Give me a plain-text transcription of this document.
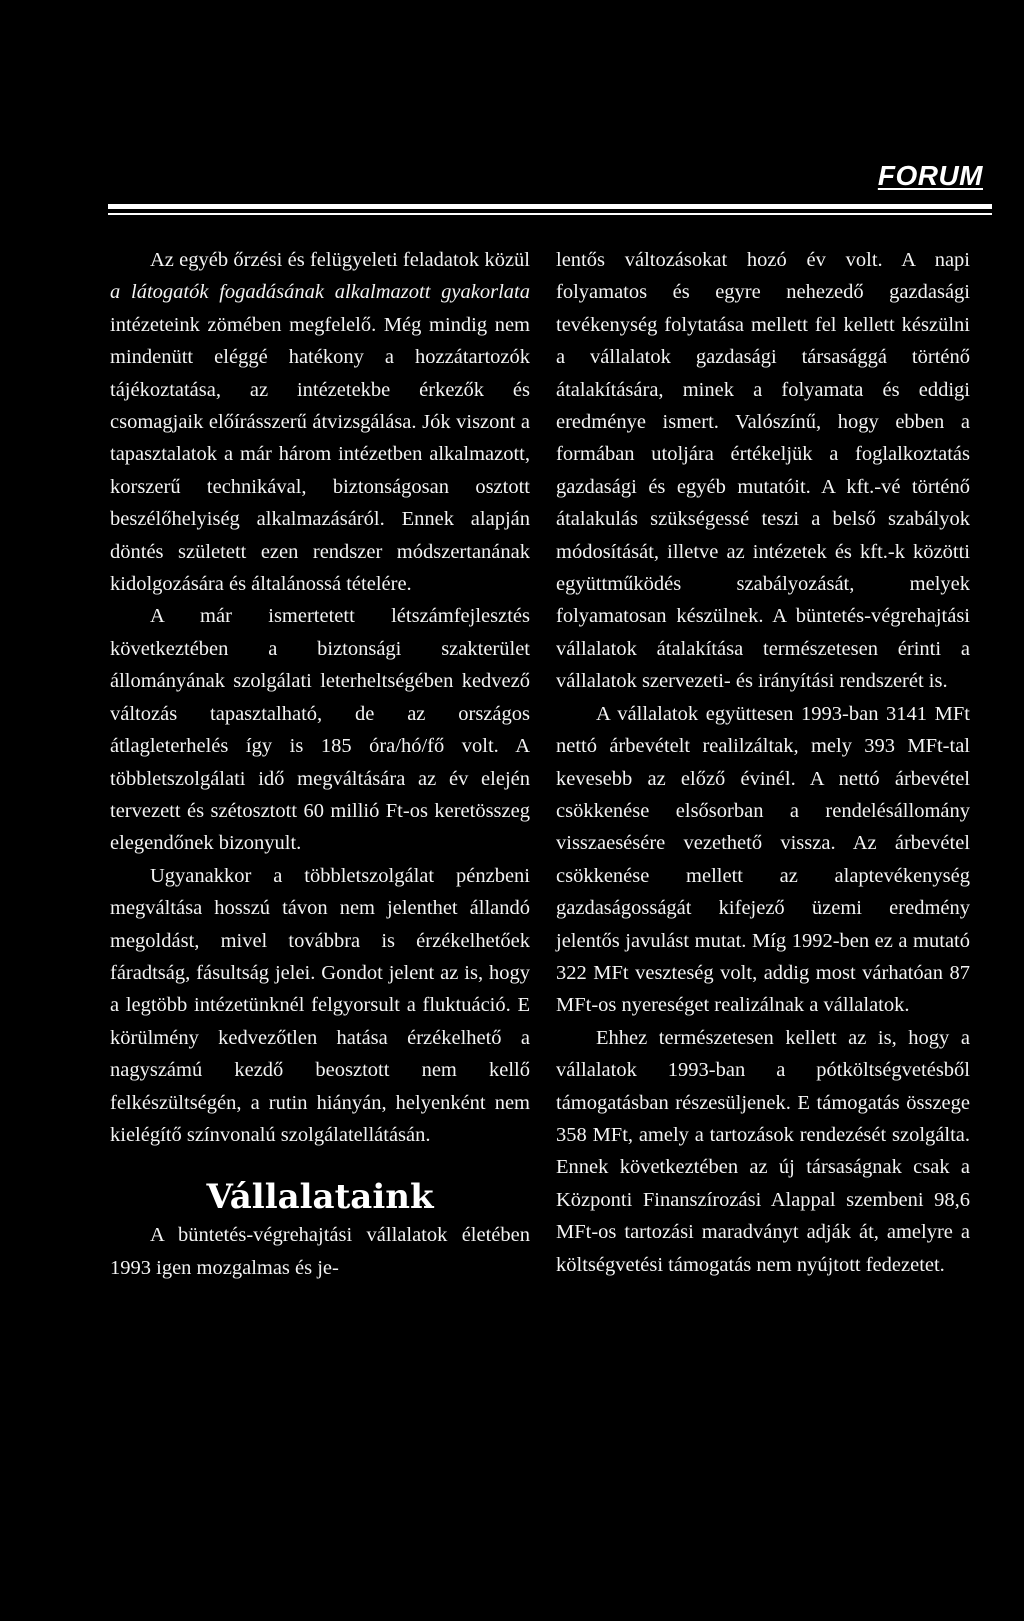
FORUM

Az egyéb őrzési és felügyeleti feladatok közül a látogatók fogadásának alkalmazott gyakorlata intézeteink zömében megfelelő. Még mindig nem mindenütt eléggé hatékony a hozzátartozók tájékoztatása, az intézetekbe érkezők és csomagjaik előírásszerű átvizsgálása. Jók viszont a tapasztalatok a már három intézetben alkalmazott, korszerű technikával, biztonságosan osztott beszélőhelyiség alkalmazásáról. Ennek alapján döntés született ezen rendszer módszertanának kidolgozására és általánossá tételére.

A már ismertetett létszámfejlesztés következtében a biztonsági szakterület állományának szolgálati leterheltségében kedvező változás tapasztalható, de az országos átlagleterhelés így is 185 óra/hó/fő volt. A többletszolgálati idő megváltására az év elején tervezett és szétosztott 60 millió Ft-os keretösszeg elegendőnek bizonyult.

Ugyanakkor a többletszolgálat pénzbeni megváltása hosszú távon nem jelenthet állandó megoldást, mivel továbbra is érzékelhetőek fáradtság, fásultság jelei. Gondot jelent az is, hogy a legtöbb intézetünknél felgyorsult a fluktuáció. E körülmény kedvezőtlen hatása érzékelhető a nagyszámú kezdő beosztott nem kellő felkészültségén, a rutin hiányán, helyenként nem kielégítő színvonalú szolgálatellátásán.

Vállalataink

A büntetés-végrehajtási vállalatok életében 1993 igen mozgalmas és je-

lentős változásokat hozó év volt. A napi folyamatos és egyre nehezedő gazdasági tevékenység folytatása mellett fel kellett készülni a vállalatok gazdasági társasággá történő átalakítására, minek a folyamata és eddigi eredménye ismert. Valószínű, hogy ebben a formában utoljára értékeljük a foglalkoztatás gazdasági és egyéb mutatóit. A kft.-vé történő átalakulás szükségessé teszi a belső szabályok módosítását, illetve az intézetek és kft.-k közötti együttműködés szabályozását, melyek folyamatosan készülnek. A büntetés-végrehajtási vállalatok átalakítása természetesen érinti a vállalatok szervezeti- és irányítási rendszerét is.

A vállalatok együttesen 1993-ban 3141 MFt nettó árbevételt realilzáltak, mely 393 MFt-tal kevesebb az előző évinél. A nettó árbevétel csökkenése elsősorban a rendelésállomány visszaesésére vezethető vissza. Az árbevétel csökkenése mellett az alaptevékenység gazdaságosságát kifejező üzemi eredmény jelentős javulást mutat. Míg 1992-ben ez a mutató 322 MFt veszteség volt, addig most várhatóan 87 MFt-os nyereséget realizálnak a vállalatok.

Ehhez természetesen kellett az is, hogy a vállalatok 1993-ban a pótköltségvetésből támogatásban részesüljenek. E támogatás összege 358 MFt, amely a tartozások rendezését szolgálta. Ennek következtében az új társaságnak csak a Központi Finanszírozási Alappal szembeni 98,6 MFt-os tartozási maradványt adják át, amelyre a költségvetési támogatás nem nyújtott fedezetet.
